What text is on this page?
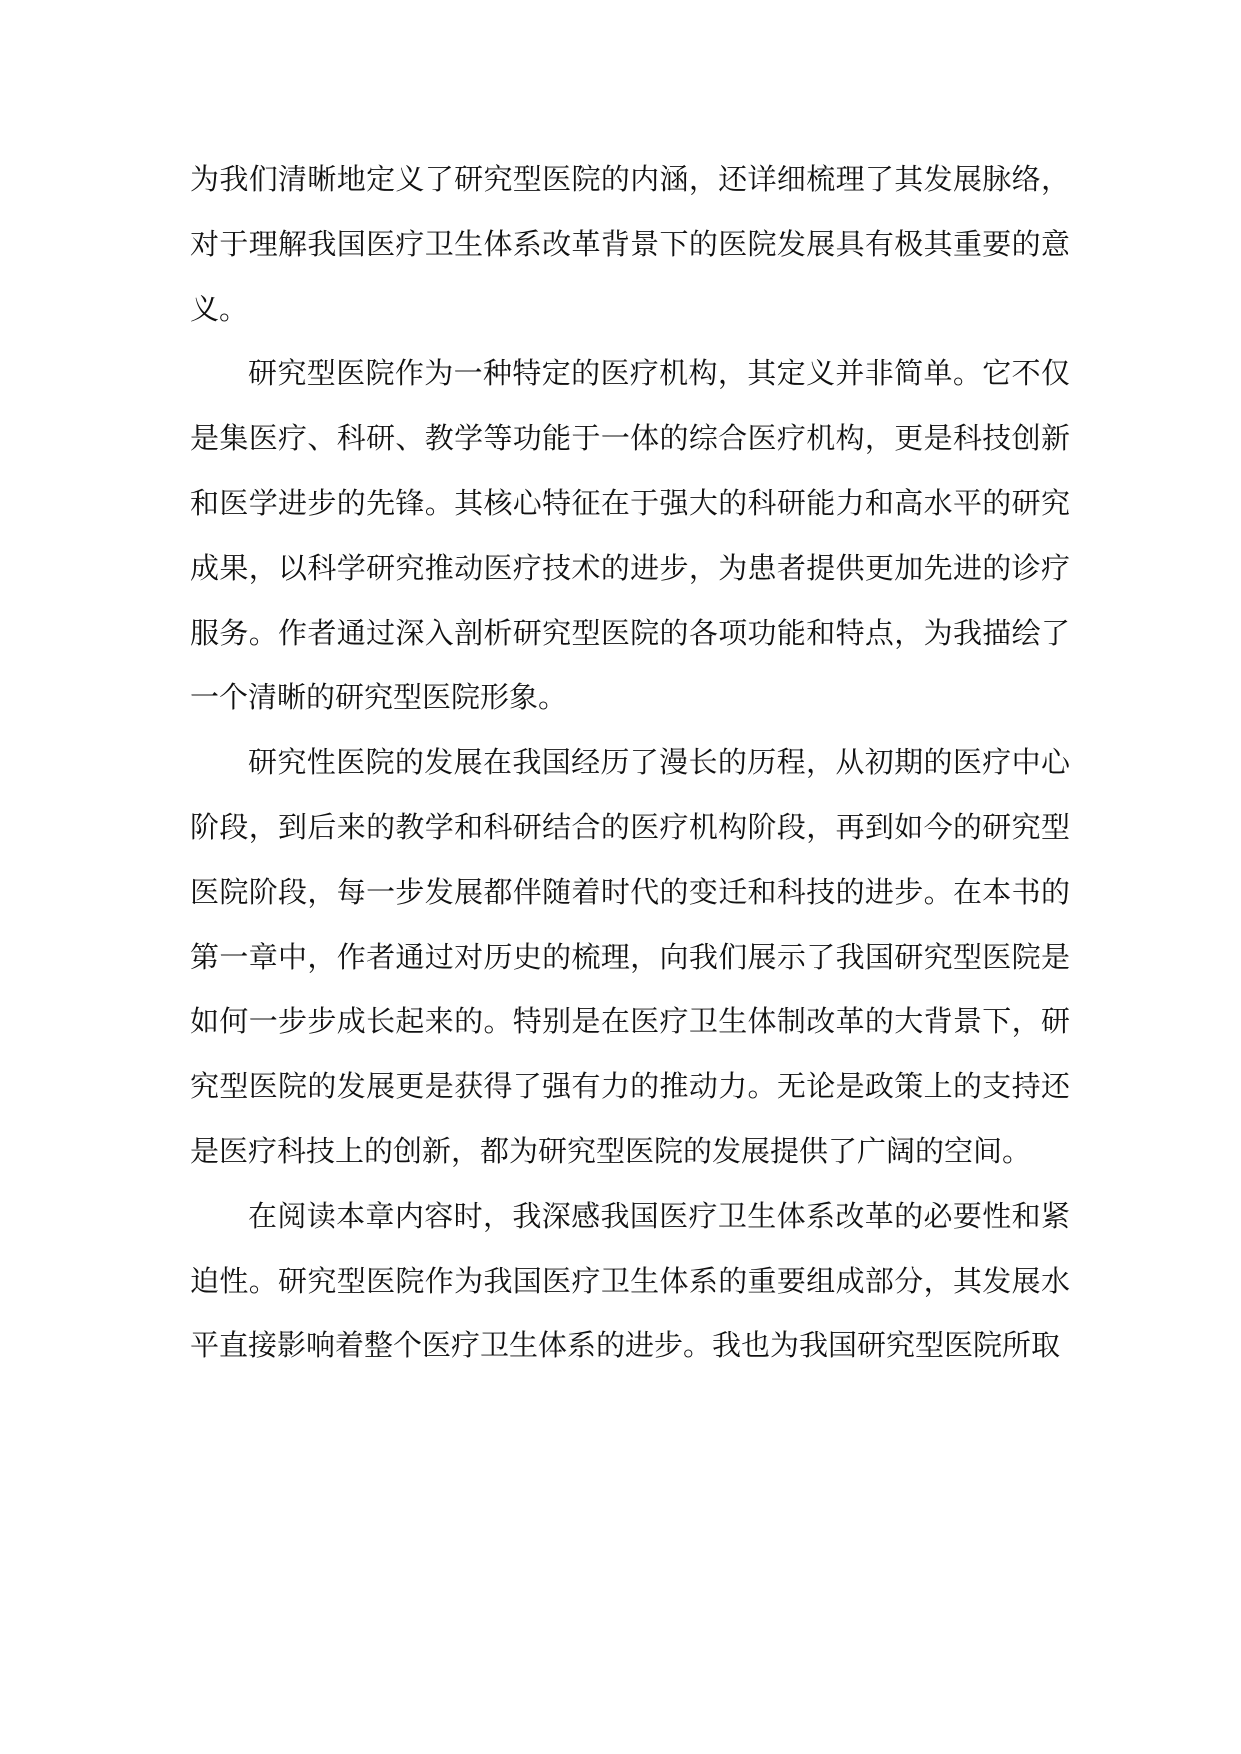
为我们清晰地定义了研究型医院的内涵，还详细梳理了其发展脉络，对于理解我国医疗卫生体系改革背景下的医院发展具有极其重要的意义。

研究型医院作为一种特定的医疗机构，其定义并非简单。它不仅是集医疗、科研、教学等功能于一体的综合医疗机构，更是科技创新和医学进步的先锋。其核心特征在于强大的科研能力和高水平的研究成果，以科学研究推动医疗技术的进步，为患者提供更加先进的诊疗服务。作者通过深入剖析研究型医院的各项功能和特点，为我描绘了一个清晰的研究型医院形象。

研究性医院的发展在我国经历了漫长的历程，从初期的医疗中心阶段，到后来的教学和科研结合的医疗机构阶段，再到如今的研究型医院阶段，每一步发展都伴随着时代的变迁和科技的进步。在本书的第一章中，作者通过对历史的梳理，向我们展示了我国研究型医院是如何一步步成长起来的。特别是在医疗卫生体制改革的大背景下，研究型医院的发展更是获得了强有力的推动力。无论是政策上的支持还是医疗科技上的创新，都为研究型医院的发展提供了广阔的空间。

在阅读本章内容时，我深感我国医疗卫生体系改革的必要性和紧迫性。研究型医院作为我国医疗卫生体系的重要组成部分，其发展水平直接影响着整个医疗卫生体系的进步。我也为我国研究型医院所取
